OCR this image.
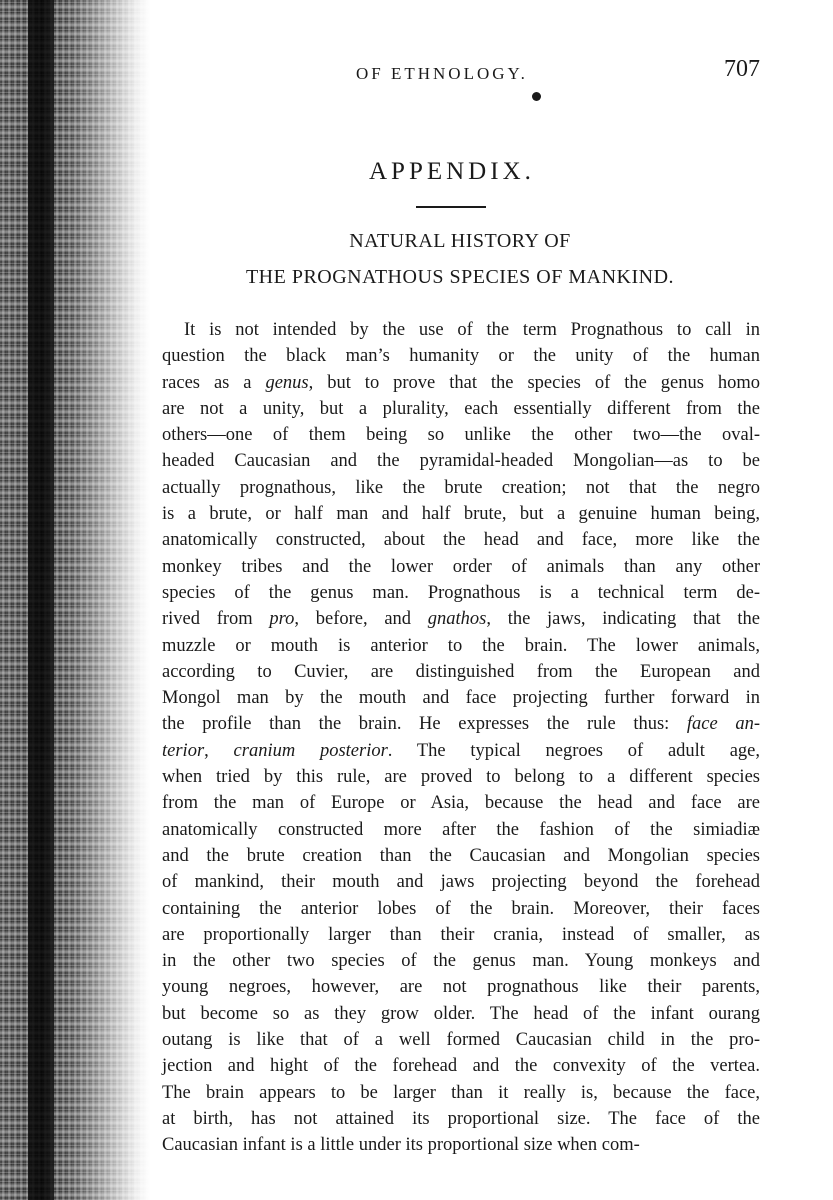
OF ETHNOLOGY.	707
APPENDIX.
NATURAL HISTORY OF
THE PROGNATHOUS SPECIES OF MANKIND.
It is not intended by the use of the term Prognathous to call in
question the black man’s humanity or the unity of the human
races as a genus, but to prove that the species of the genus homo
are not a unity, but a plurality, each essentially different from the
others—one of them being so unlike the other two—the oval-
headed Caucasian and the pyramidal-headed Mongolian—as to be
actually prognathous, like the brute creation; not that the negro
is a brute, or half man and half brute, but a genuine human being,
anatomically constructed, about the head and face, more like the
monkey tribes and the lower order of animals than any other
species of the genus man. Prognathous is a technical term de-
rived from pro, before, and gnathos, the jaws, indicating that the
muzzle or mouth is anterior to the brain. The lower animals,
according to Cuvier, are distinguished from the European and
Mongol man by the mouth and face projecting further forward in
the profile than the brain. He expresses the rule thus: face an-
terior, cranium posterior. The typical negroes of adult age,
when tried by this rule, are proved to belong to a different species
from the man of Europe or Asia, because the head and face are
anatomically constructed more after the fashion of the simiadiæ
and the brute creation than the Caucasian and Mongolian species
of mankind, their mouth and jaws projecting beyond the forehead
containing the anterior lobes of the brain. Moreover, their faces
are proportionally larger than their crania, instead of smaller, as
in the other two species of the genus man. Young monkeys and
young negroes, however, are not prognathous like their parents,
but become so as they grow older. The head of the infant ourang
outang is like that of a well formed Caucasian child in the pro-
jection and hight of the forehead and the convexity of the vertea.
The brain appears to be larger than it really is, because the face,
at birth, has not attained its proportional size. The face of the
Caucasian infant is a little under its proportional size when com-
